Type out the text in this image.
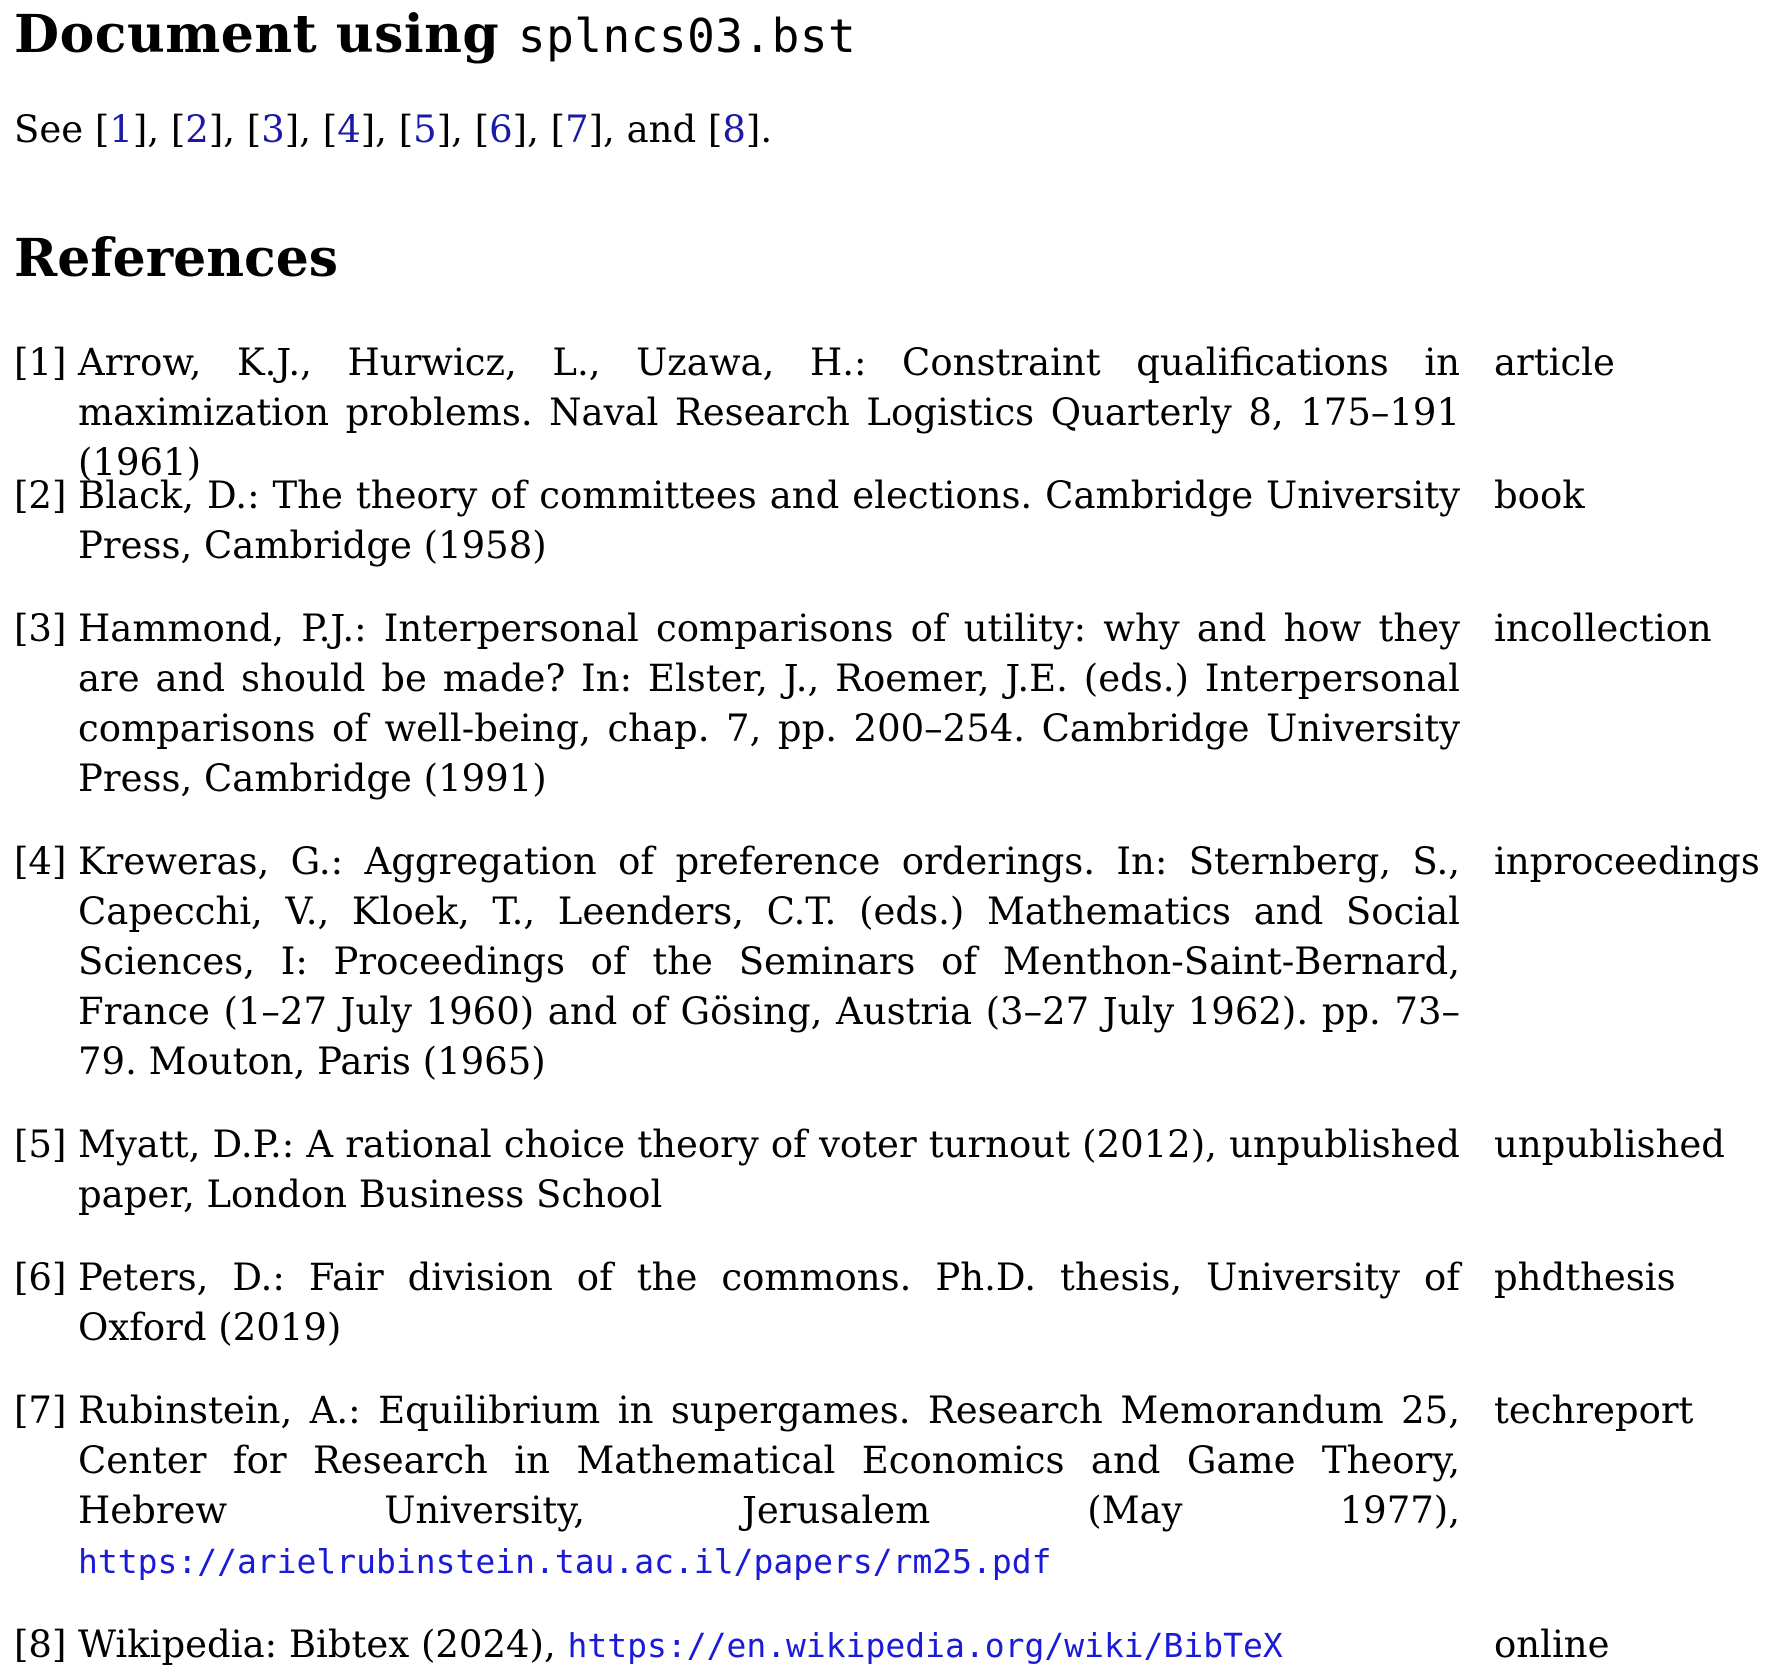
Document using splncs03.bst
See [1], [2], [3], [4], [5], [6], [7], and [8].
References
[1] Arrow, K.J., Hurwicz, L., Uzawa, H.: Constraint qualifications in maximization problems. Naval Research Logistics Quarterly 8, 175–191 (1961)
article
[2] Black, D.: The theory of committees and elections. Cambridge University Press, Cambridge (1958)
book
[3] Hammond, P.J.: Interpersonal comparisons of utility: why and how they are and should be made? In: Elster, J., Roemer, J.E. (eds.) Interpersonal comparisons of well-being, chap. 7, pp. 200–254. Cambridge University Press, Cambridge (1991)
incollection
[4] Kreweras, G.: Aggregation of preference orderings. In: Sternberg, S., Capecchi, V., Kloek, T., Leenders, C.T. (eds.) Mathematics and Social Sciences, I: Proceedings of the Seminars of Menthon-Saint-Bernard, France (1–27 July 1960) and of Gösing, Austria (3–27 July 1962). pp. 73–79. Mouton, Paris (1965)
inproceedings
[5] Myatt, D.P.: A rational choice theory of voter turnout (2012), unpublished paper, London Business School
unpublished
[6] Peters, D.: Fair division of the commons. Ph.D. thesis, University of Oxford (2019)
phdthesis
[7] Rubinstein, A.: Equilibrium in supergames. Research Memorandum 25, Center for Research in Mathematical Economics and Game Theory, Hebrew University, Jerusalem (May 1977), https://arielrubinstein.tau.ac.il/papers/rm25.pdf
techreport
[8] Wikipedia: Bibtex (2024), https://en.wikipedia.org/wiki/BibTeX	online
